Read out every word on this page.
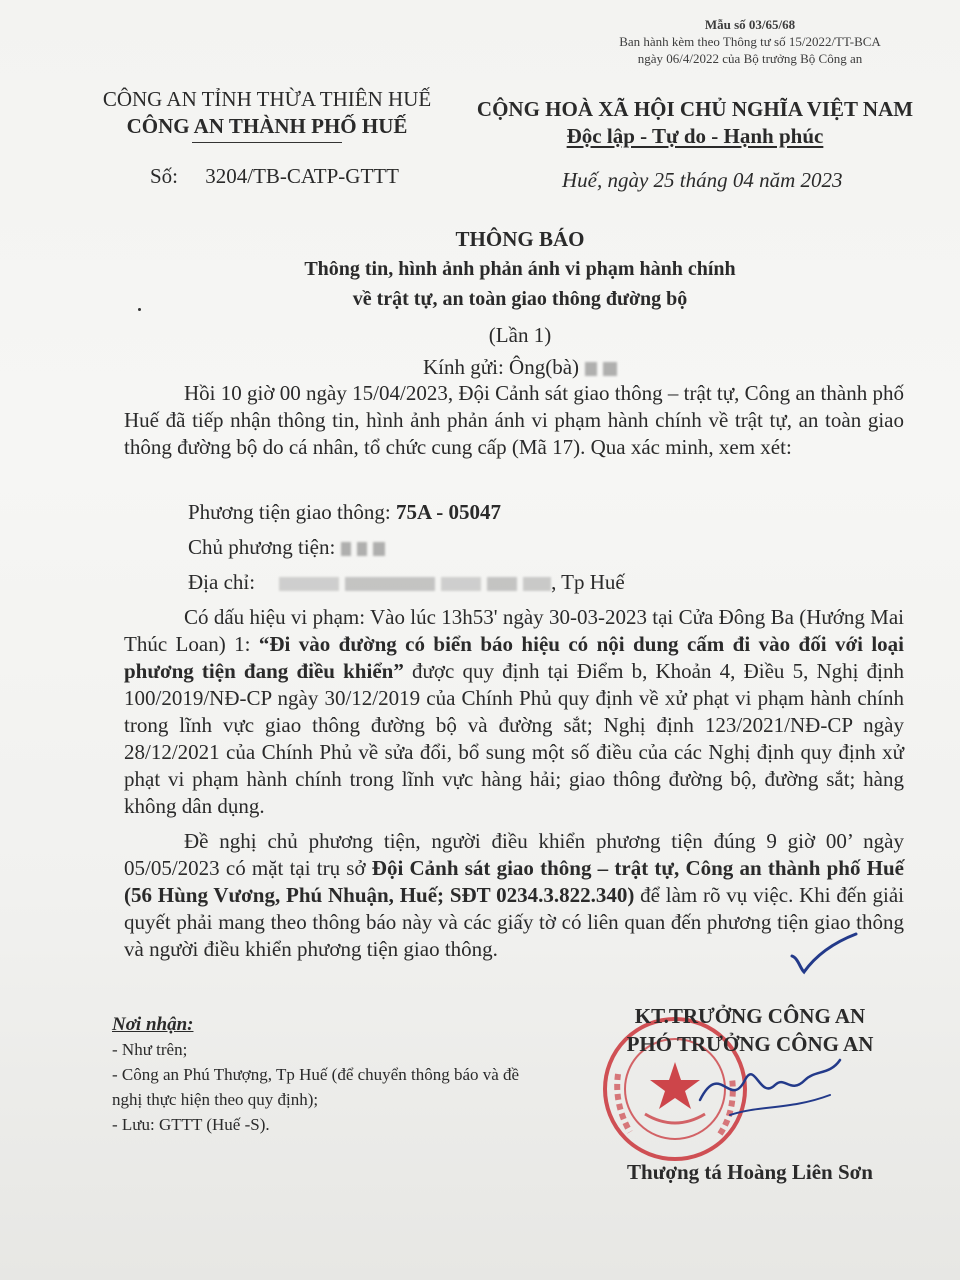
Mẫu số 03/65/68
Ban hành kèm theo Thông tư số 15/2022/TT-BCA
ngày 06/4/2022 của Bộ trưởng Bộ Công an
CÔNG AN TỈNH THỪA THIÊN HUẾ
CÔNG AN THÀNH PHỐ HUẾ
CỘNG HOÀ XÃ HỘI CHỦ NGHĨA VIỆT NAM
Độc lập - Tự do - Hạnh phúc
Số: 3204/TB-CATP-GTTT	Huế, ngày 25 tháng 04 năm 2023
THÔNG BÁO
Thông tin, hình ảnh phản ánh vi phạm hành chính
về trật tự, an toàn giao thông đường bộ
(Lần 1)
Kính gửi: Ông(bà)
Hồi 10 giờ 00 ngày 15/04/2023, Đội Cảnh sát giao thông – trật tự, Công an thành phố Huế đã tiếp nhận thông tin, hình ảnh phản ánh vi phạm hành chính về trật tự, an toàn giao thông đường bộ do cá nhân, tổ chức cung cấp (Mã 17). Qua xác minh, xem xét:
Phương tiện giao thông: 75A - 05047
Chủ phương tiện:
Địa chỉ:	, Tp Huế
Có dấu hiệu vi phạm: Vào lúc 13h53' ngày 30-03-2023 tại Cửa Đông Ba (Hướng Mai Thúc Loan) 1: “Đi vào đường có biển báo hiệu có nội dung cấm đi vào đối với loại phương tiện đang điều khiển” được quy định tại Điểm b, Khoản 4, Điều 5, Nghị định 100/2019/NĐ-CP ngày 30/12/2019 của Chính Phủ quy định về xử phạt vi phạm hành chính trong lĩnh vực giao thông đường bộ và đường sắt; Nghị định 123/2021/NĐ-CP ngày 28/12/2021 của Chính Phủ về sửa đổi, bổ sung một số điều của các Nghị định quy định xử phạt vi phạm hành chính trong lĩnh vực hàng hải; giao thông đường bộ, đường sắt; hàng không dân dụng.
Đề nghị chủ phương tiện, người điều khiển phương tiện đúng 9 giờ 00’ ngày 05/05/2023 có mặt tại trụ sở Đội Cảnh sát giao thông – trật tự, Công an thành phố Huế (56 Hùng Vương, Phú Nhuận, Huế; SĐT 0234.3.822.340) để làm rõ vụ việc. Khi đến giải quyết phải mang theo thông báo này và các giấy tờ có liên quan đến phương tiện giao thông và người điều khiển phương tiện giao thông.
Nơi nhận:
- Như trên;
- Công an Phú Thượng, Tp Huế (để chuyển thông báo và đề nghị thực hiện theo quy định);
- Lưu: GTTT (Huế -S).
KT.TRƯỞNG CÔNG AN
PHÓ TRƯỞNG CÔNG AN
Thượng tá Hoàng Liên Sơn
